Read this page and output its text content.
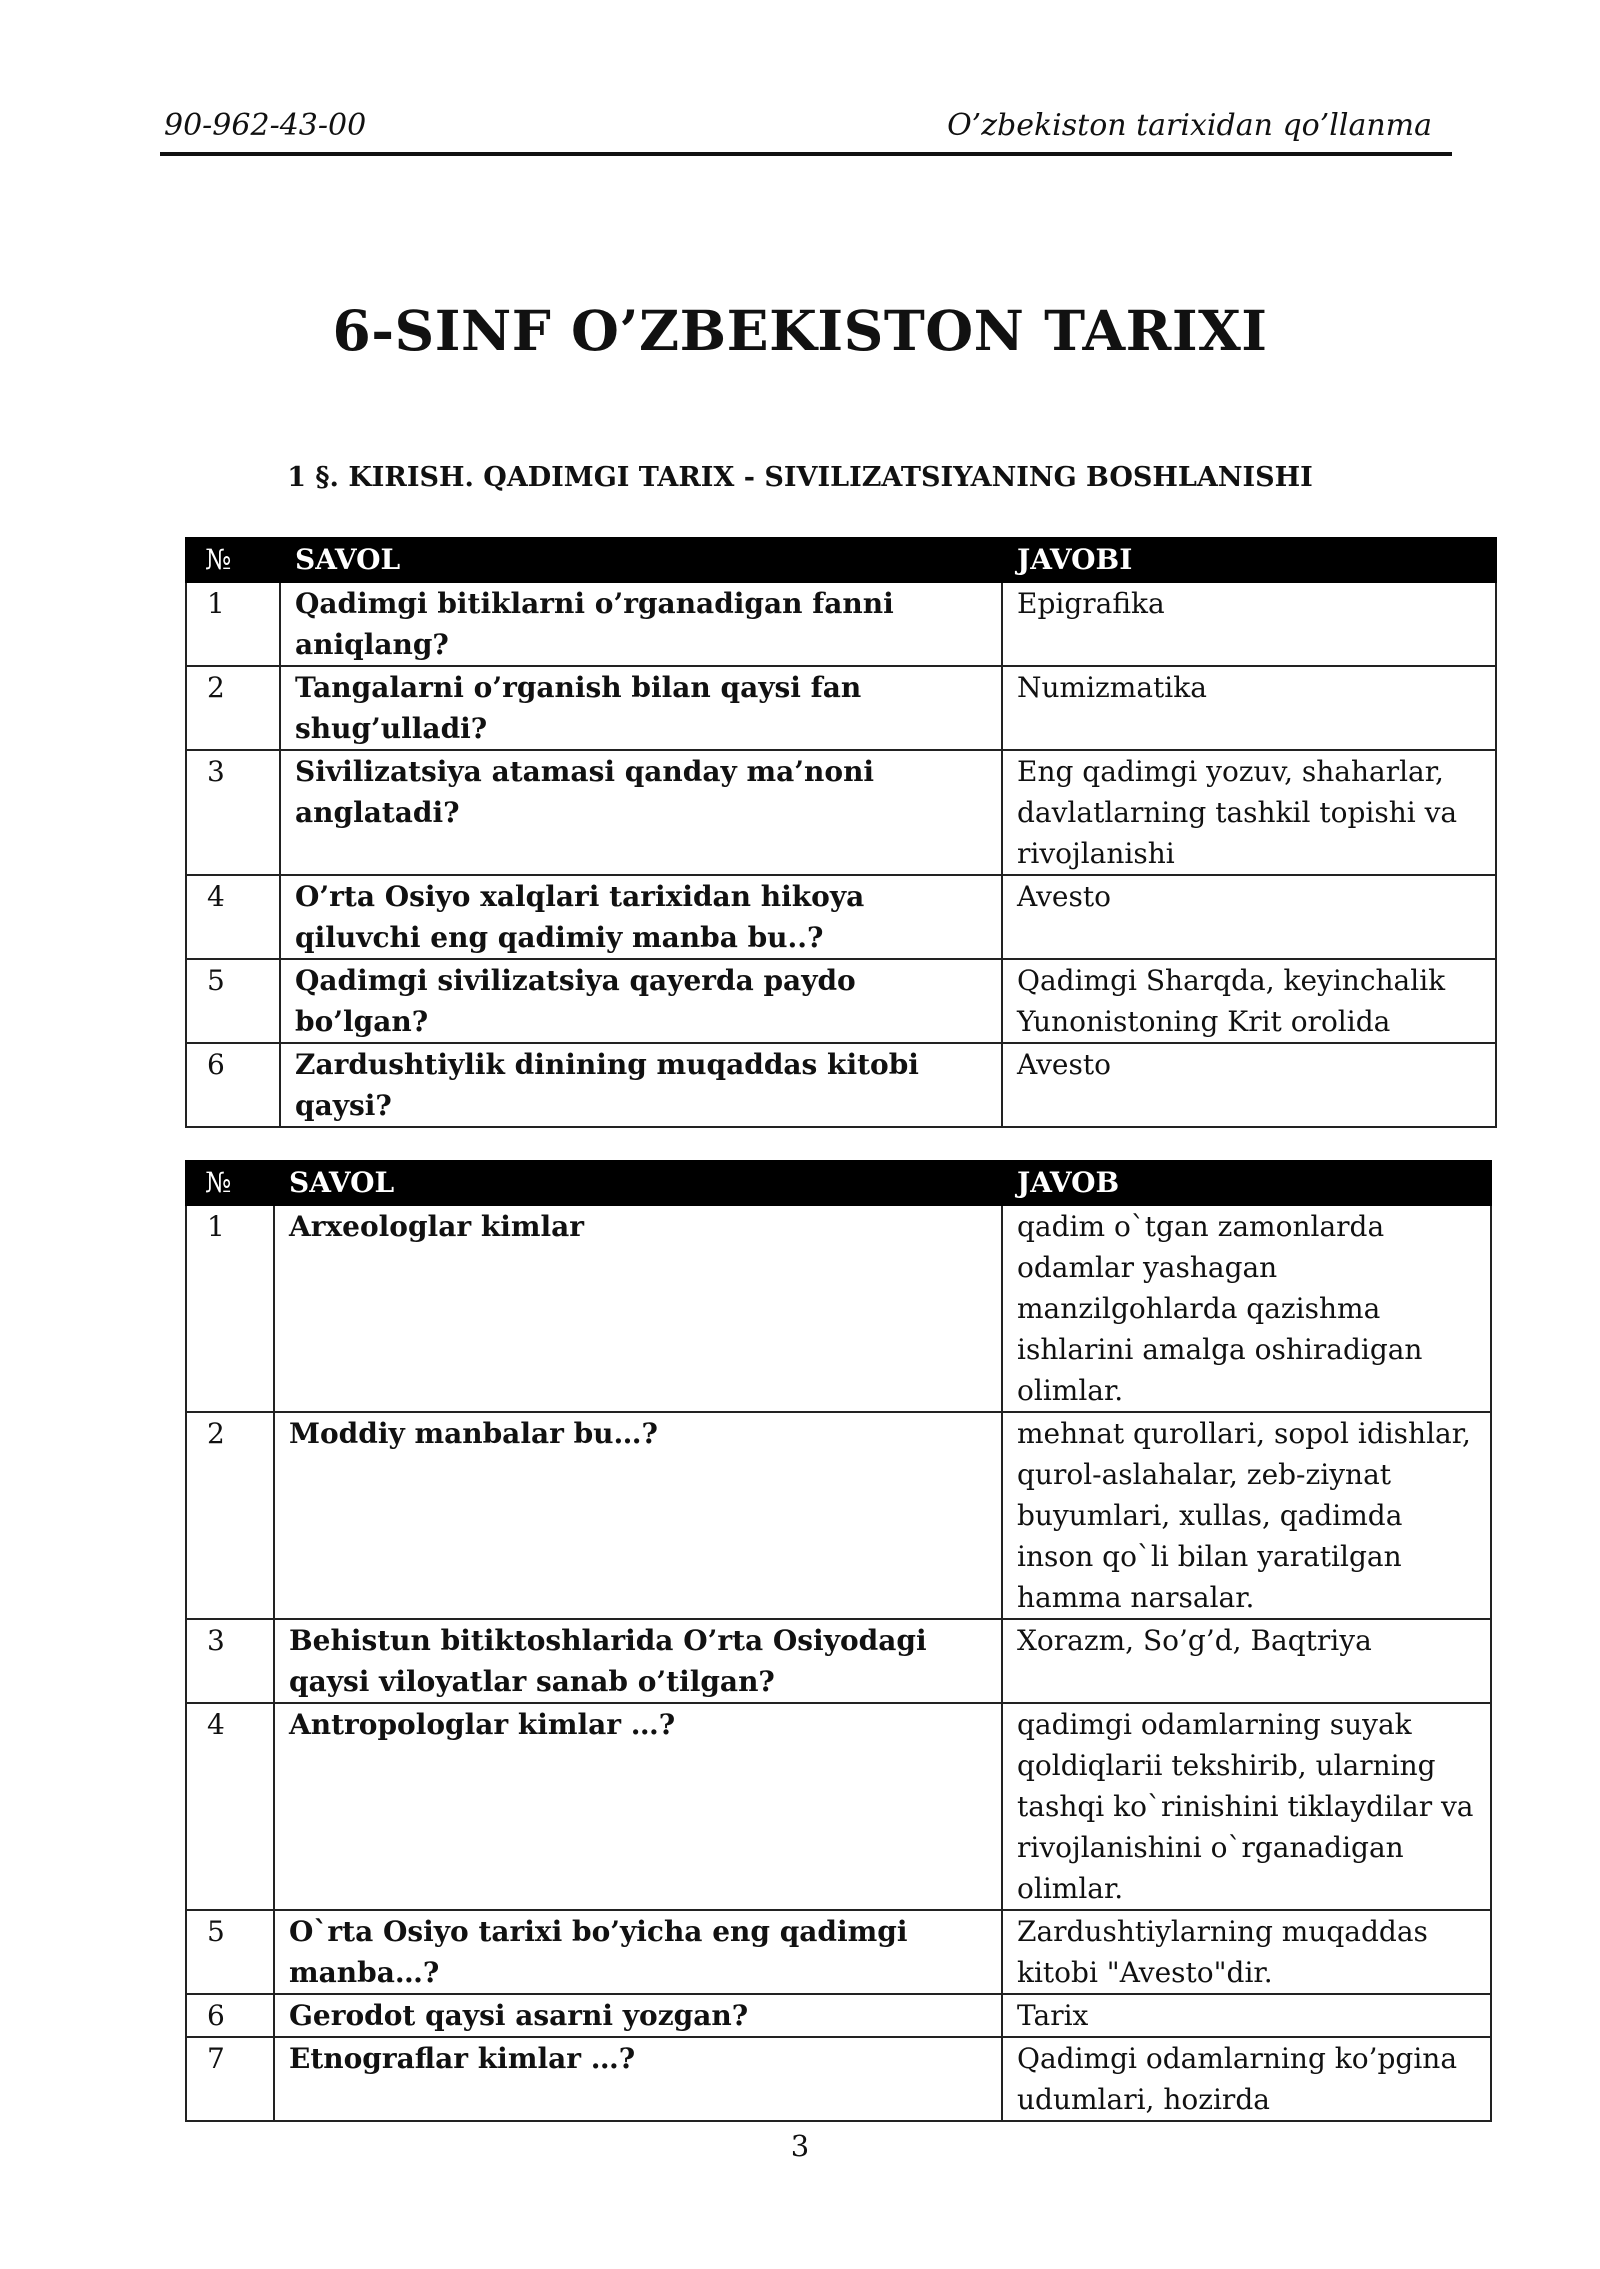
90-962-43-00	O’zbekiston tarixidan qo’llanma
6-SINF O’ZBEKISTON TARIXI
1 §. KIRISH. QADIMGI TARIX - SIVILIZATSIYANING BOSHLANISHI
№	SAVOL	JAVOBI
1	Qadimgi bitiklarni o’rganadigan fanni aniqlang?	Epigrafika
2	Tangalarni o’rganish bilan qaysi fan shug’ulladi?	Numizmatika
3	Sivilizatsiya atamasi qanday ma’noni anglatadi?	Eng qadimgi yozuv, shaharlar, davlatlarning tashkil topishi va rivojlanishi
4	O’rta Osiyo xalqlari tarixidan hikoya qiluvchi eng qadimiy manba bu..?	Avesto
5	Qadimgi sivilizatsiya qayerda paydo bo’lgan?	Qadimgi Sharqda, keyinchalik Yunonistoning Krit orolida
6	Zardushtiylik dinining muqaddas kitobi qaysi?	Avesto
№	SAVOL	JAVOB
1	Arxeologlar kimlar	qadim o`tgan zamonlarda odamlar yashagan manzilgohlarda qazishma ishlarini amalga oshiradigan olimlar.
2	Moddiy manbalar bu…?	mehnat qurollari, sopol idishlar, qurol-aslahalar, zeb-ziynat buyumlari, xullas, qadimda inson qo`li bilan yaratilgan hamma narsalar.
3	Behistun bitiktoshlarida O’rta Osiyodagi qaysi viloyatlar sanab o’tilgan?	Xorazm, So’g’d, Baqtriya
4	Antropologlar kimlar …?	qadimgi odamlarning suyak qoldiqlarii tekshirib, ularning tashqi ko`rinishini tiklaydilar va rivojlanishini o`rganadigan olimlar.
5	O`rta Osiyo tarixi bo’yicha eng qadimgi manba…?	Zardushtiylarning muqaddas kitobi "Avesto"dir.
6	Gerodot qaysi asarni yozgan?	Tarix
7	Etnograflar kimlar …?	Qadimgi odamlarning ko’pgina udumlari, hozirda
3
